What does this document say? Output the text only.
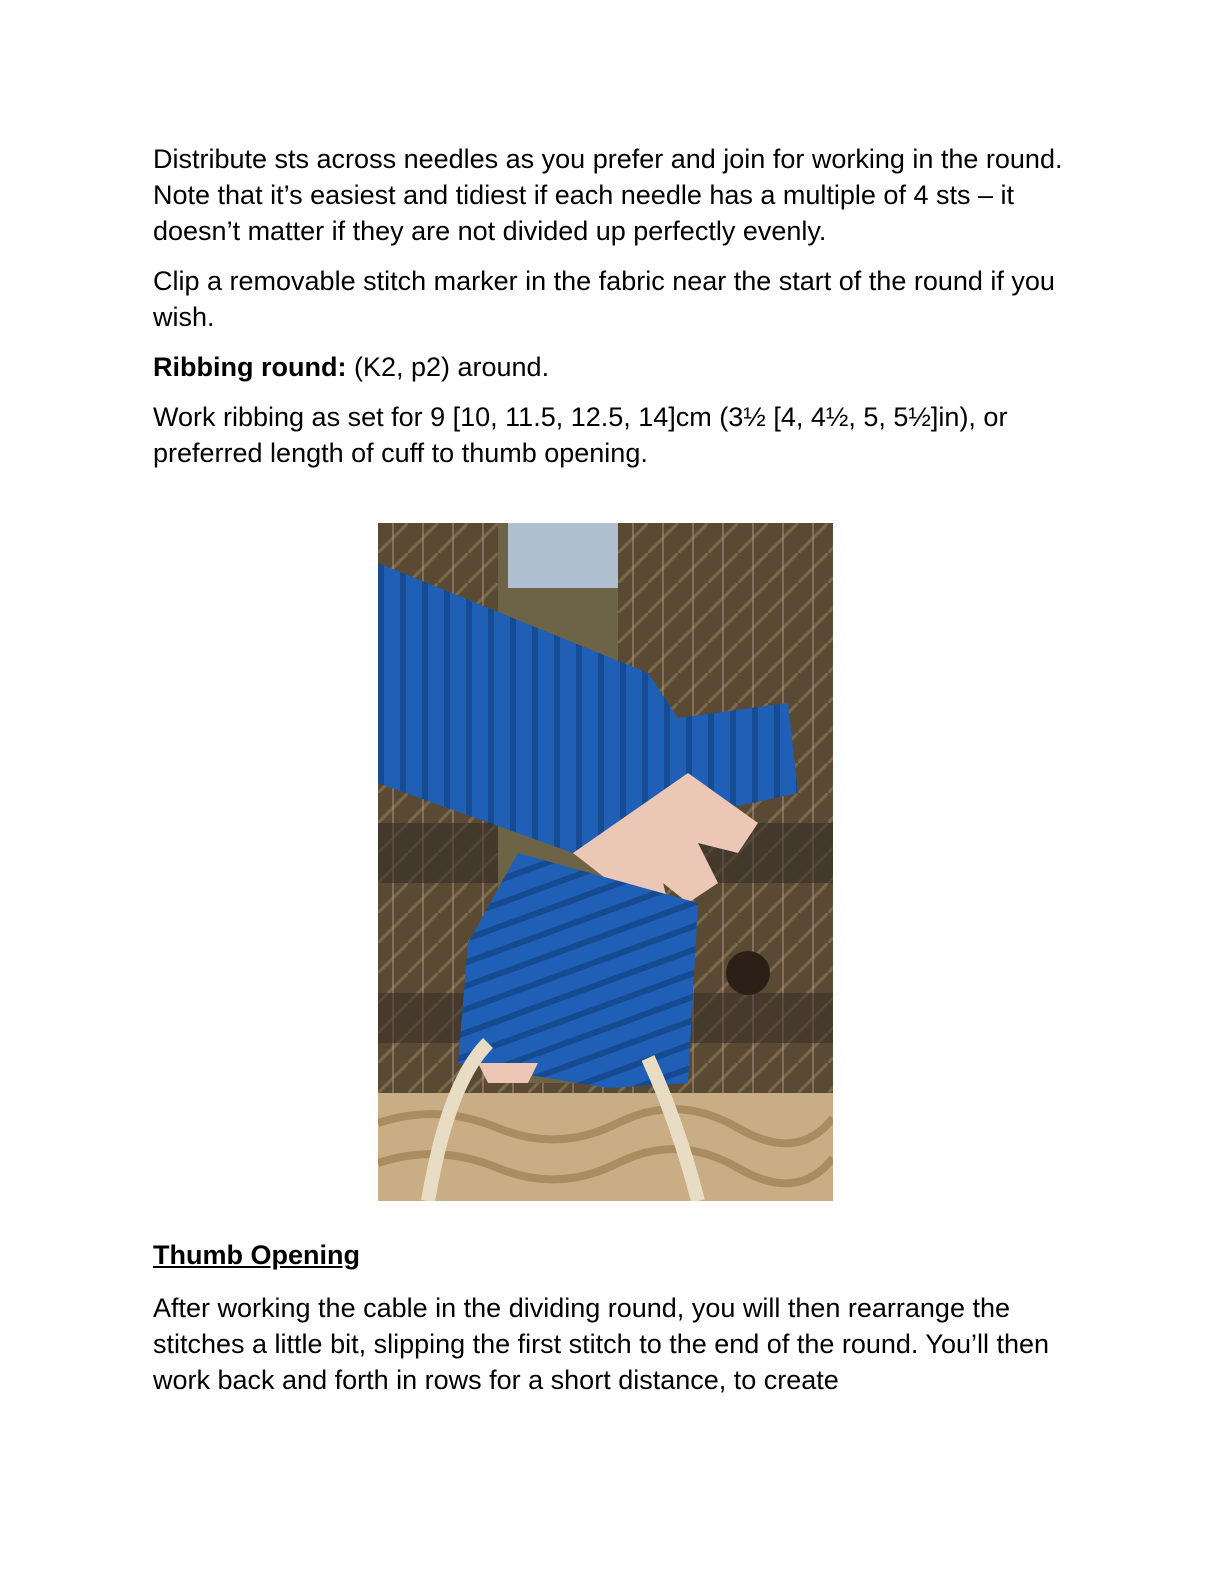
Distribute sts across needles as you prefer and join for working in the round. Note that it’s easiest and tidiest if each needle has a multiple of 4 sts – it doesn’t matter if they are not divided up perfectly evenly.

Clip a removable stitch marker in the fabric near the start of the round if you wish.

Ribbing round: (K2, p2) around.

Work ribbing as set for 9 [10, 11.5, 12.5, 14]cm (3½ [4, 4½, 5, 5½]in), or preferred length of cuff to thumb opening.

Thumb Opening

After working the cable in the dividing round, you will then rearrange the stitches a little bit, slipping the first stitch to the end of the round. You’ll then work back and forth in rows for a short distance, to create
